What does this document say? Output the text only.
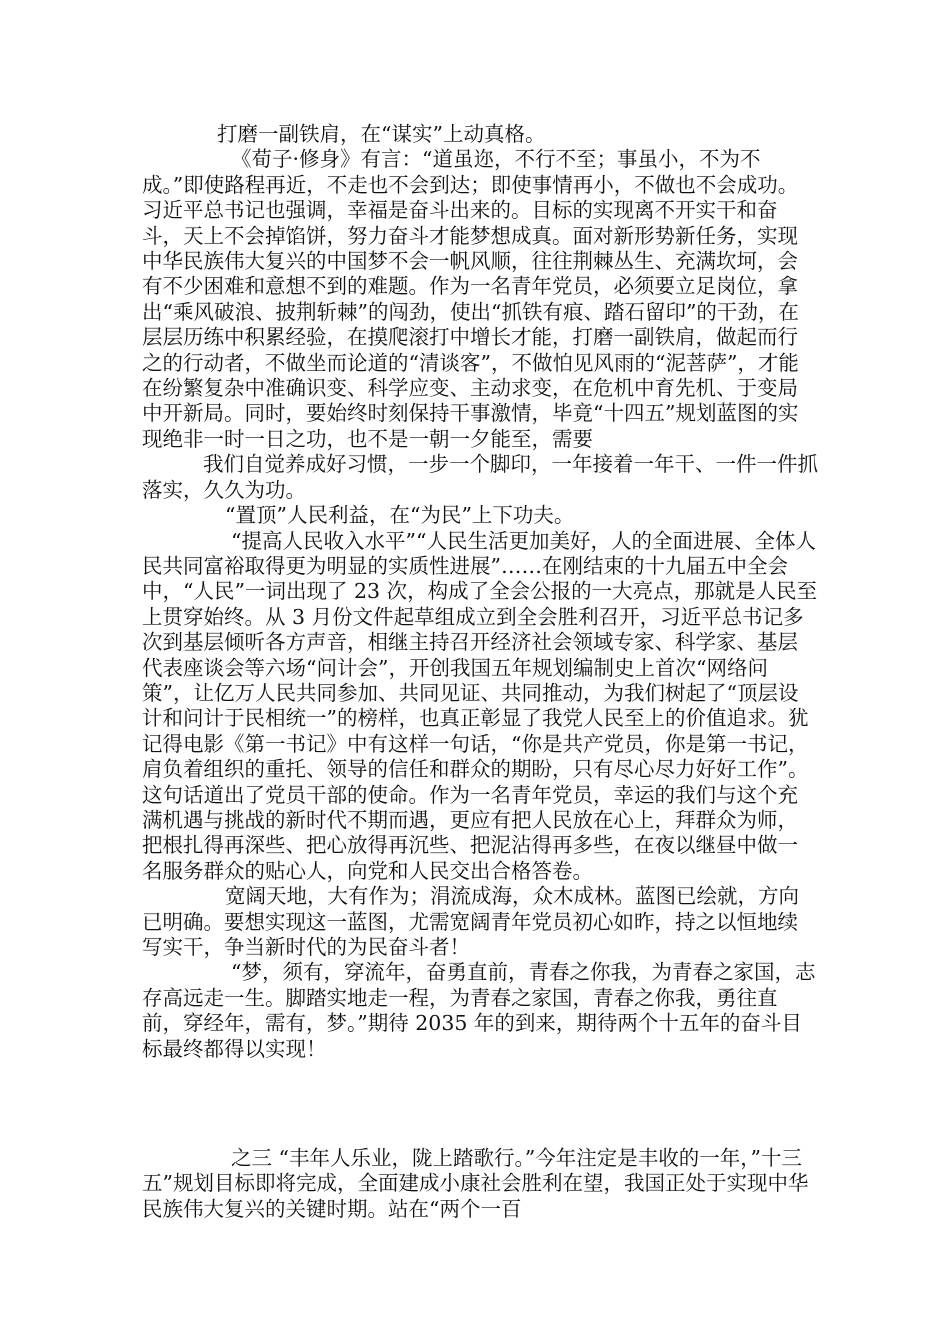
打磨一副铁肩，在“谋实”上动真格。

《荀子·修身》有言：“道虽迩，不行不至；事虽小，不为不成。”即使路程再近，不走也不会到达；即使事情再小，不做也不会成功。习近平总书记也强调，幸福是奋斗出来的。目标的实现离不开实干和奋斗，天上不会掉馅饼，努力奋斗才能梦想成真。面对新形势新任务，实现中华民族伟大复兴的中国梦不会一帆风顺，往往荆棘丛生、充满坎坷，会有不少困难和意想不到的难题。作为一名青年党员，必须要立足岗位，拿出“乘风破浪、披荆斩棘”的闯劲，使出“抓铁有痕、踏石留印”的干劲，在层层历练中积累经验，在摸爬滚打中增长才能，打磨一副铁肩，做起而行之的行动者，不做坐而论道的“清谈客”，不做怕见风雨的“泥菩萨”，才能在纷繁复杂中准确识变、科学应变、主动求变，在危机中育先机、于变局中开新局。同时，要始终时刻保持干事激情，毕竟“十四五”规划蓝图的实现绝非一时一日之功，也不是一朝一夕能至，需要

我们自觉养成好习惯，一步一个脚印，一年接着一年干、一件一件抓落实，久久为功。

“置顶”人民利益，在“为民”上下功夫。

“提高人民收入水平”“人民生活更加美好，人的全面进展、全体人民共同富裕取得更为明显的实质性进展”……在刚结束的十九届五中全会中，“人民”一词出现了 23 次，构成了全会公报的一大亮点，那就是人民至上贯穿始终。从 3 月份文件起草组成立到全会胜利召开，习近平总书记多次到基层倾听各方声音，相继主持召开经济社会领域专家、科学家、基层代表座谈会等六场“问计会”，开创我国五年规划编制史上首次“网络问策”，让亿万人民共同参加、共同见证、共同推动，为我们树起了“顶层设计和问计于民相统一”的榜样，也真正彰显了我党人民至上的价值追求。犹记得电影《第一书记》中有这样一句话，“你是共产党员，你是第一书记，肩负着组织的重托、领导的信任和群众的期盼，只有尽心尽力好好工作”。这句话道出了党员干部的使命。作为一名青年党员，幸运的我们与这个充满机遇与挑战的新时代不期而遇，更应有把人民放在心上，拜群众为师，把根扎得再深些、把心放得再沉些、把泥沾得再多些，在夜以继昼中做一名服务群众的贴心人，向党和人民交出合格答卷。

宽阔天地，大有作为；涓流成海，众木成林。蓝图已绘就，方向已明确。要想实现这一蓝图，尤需宽阔青年党员初心如昨，持之以恒地续写实干，争当新时代的为民奋斗者！

“梦，须有，穿流年，奋勇直前，青春之你我，为青春之家国，志存高远走一生。脚踏实地走一程，为青春之家国，青春之你我，勇往直前，穿经年，需有，梦。”期待 2035 年的到来，期待两个十五年的奋斗目标最终都得以实现！

之三 “丰年人乐业，陇上踏歌行。”今年注定是丰收的一年，”十三五”规划目标即将完成，全面建成小康社会胜利在望，我国正处于实现中华民族伟大复兴的关键时期。站在“两个一百
